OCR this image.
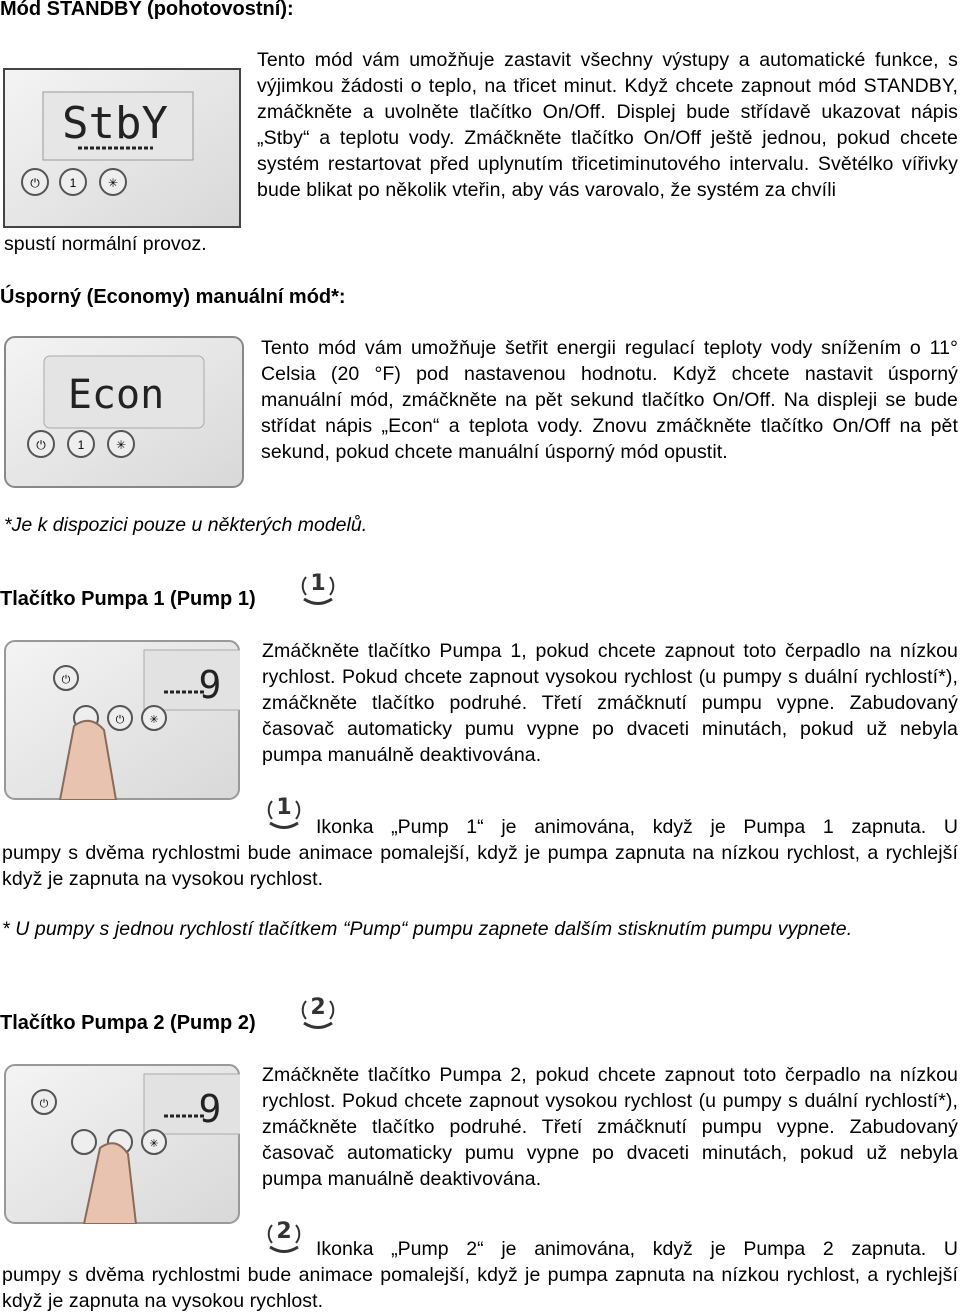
Mód STANDBY (pohotovostní):
StbY
⏻ 1	✳
Tento mód vám umožňuje zastavit všechny výstupy a automatické funkce, s výjimkou žádosti o teplo, na třicet minut. Když chcete zapnout mód STANDBY, zmáčkněte a uvolněte tlačítko On/Off. Displej bude střídavě ukazovat nápis „Stby“ a teplotu vody. Zmáčkněte tlačítko On/Off ještě jednou, pokud chcete systém restartovat před uplynutím třicetiminutového intervalu. Světélko vířivky bude blikat po několik vteřin, aby vás varovalo, že systém za chvíli
spustí normální provoz.
Úsporný (Economy) manuální mód*:
Econ
⏻	1	✳
Tento mód vám umožňuje šetřit energii regulací teploty vody snížením o 11° Celsia (20 °F) pod nastavenou hodnotu. Když chcete nastavit úsporný manuální mód, zmáčkněte na pět sekund tlačítko On/Off. Na displeji se bude střídat nápis „Econ“ a teplota vody. Znovu zmáčkněte tlačítko On/Off na pět sekund, pokud chcete manuální úsporný mód opustit.
*Je k dispozici pouze u některých modelů.
Tlačítko Pumpa 1 (Pump 1)
1
9
⏻
⏻ ✳
Zmáčkněte tlačítko Pumpa 1, pokud chcete zapnout toto čerpadlo na nízkou rychlost. Pokud chcete zapnout vysokou rychlost (u pumpy s duální rychlostí*), zmáčkněte tlačítko podruhé. Třetí zmáčknutí pumpu vypne. Zabudovaný časovač automaticky pumu vypne po dvaceti minutách, pokud už nebyla pumpa manuálně deaktivována.
1
Ikonka „Pump 1“ je animována, když je Pumpa 1 zapnuta. U
pumpy s dvěma rychlostmi bude animace pomalejší, když je pumpa zapnuta na nízkou rychlost, a rychlejší když je zapnuta na vysokou rychlost.
* U pumpy s jednou rychlostí tlačítkem “Pump“ pumpu zapnete dalším stisknutím pumpu vypnete.
Tlačítko Pumpa 2 (Pump 2)
2
9
⏻
✳
Zmáčkněte tlačítko Pumpa 2, pokud chcete zapnout toto čerpadlo na nízkou rychlost. Pokud chcete zapnout vysokou rychlost (u pumpy s duální rychlostí*), zmáčkněte tlačítko podruhé. Třetí zmáčknutí pumpu vypne. Zabudovaný časovač automaticky pumu vypne po dvaceti minutách, pokud už nebyla pumpa manuálně deaktivována.
2
Ikonka „Pump 2“ je animována, když je Pumpa 2 zapnuta. U
pumpy s dvěma rychlostmi bude animace pomalejší, když je pumpa zapnuta na nízkou rychlost, a rychlejší když je zapnuta na vysokou rychlost.
